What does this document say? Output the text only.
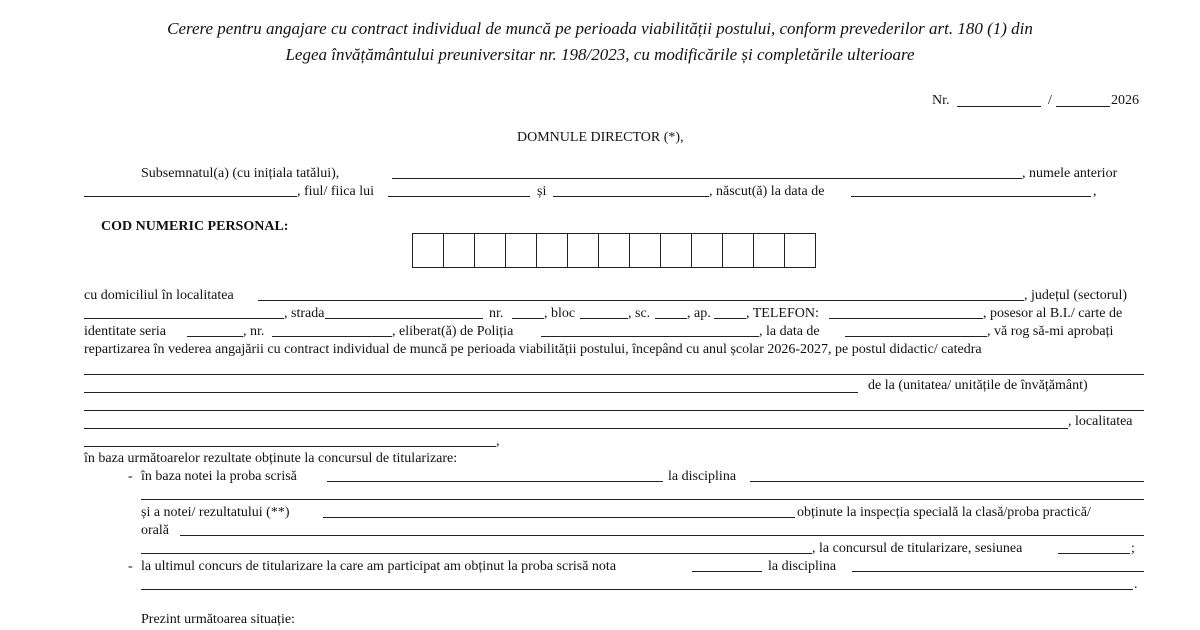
Cerere pentru angajare cu contract individual de muncă pe perioada viabilității postului, conform prevederilor art. 180 (1) din
Legea învățământului preuniversitar nr. 198/2023, cu modificările și completările ulterioare
Nr.	/	2026
DOMNULE DIRECTOR (*),
Subsemnatul(a) (cu inițiala tatălui),	, numele anterior
, fiul/ fiica lui	și	, născut(ă) la data de	,
COD NUMERIC PERSONAL:
cu domiciliul în localitatea	, județul (sectorul)
, strada	nr.	, bloc	, sc.	, ap.	, TELEFON:	, posesor al B.I./ carte de
identitate seria	, nr.	, eliberat(ă) de Poliția	, la data de	, vă rog să-mi aprobați
repartizarea în vederea angajării cu contract individual de muncă pe perioada viabilității postului, începând cu anul școlar 2026-2027, pe postul didactic/ catedra
de la (unitatea/ unitățile de învățământ)
, localitatea
,
în baza următoarelor rezultate obținute la concursul de titularizare:
- în baza notei la proba scrisă	la disciplina
și a notei/ rezultatului (**)	obținute la inspecția specială la clasă/proba practică/
orală
, la concursul de titularizare, sesiunea	;
- la ultimul concurs de titularizare la care am participat am obținut la proba scrisă nota	la disciplina
.
Prezint următoarea situație:
